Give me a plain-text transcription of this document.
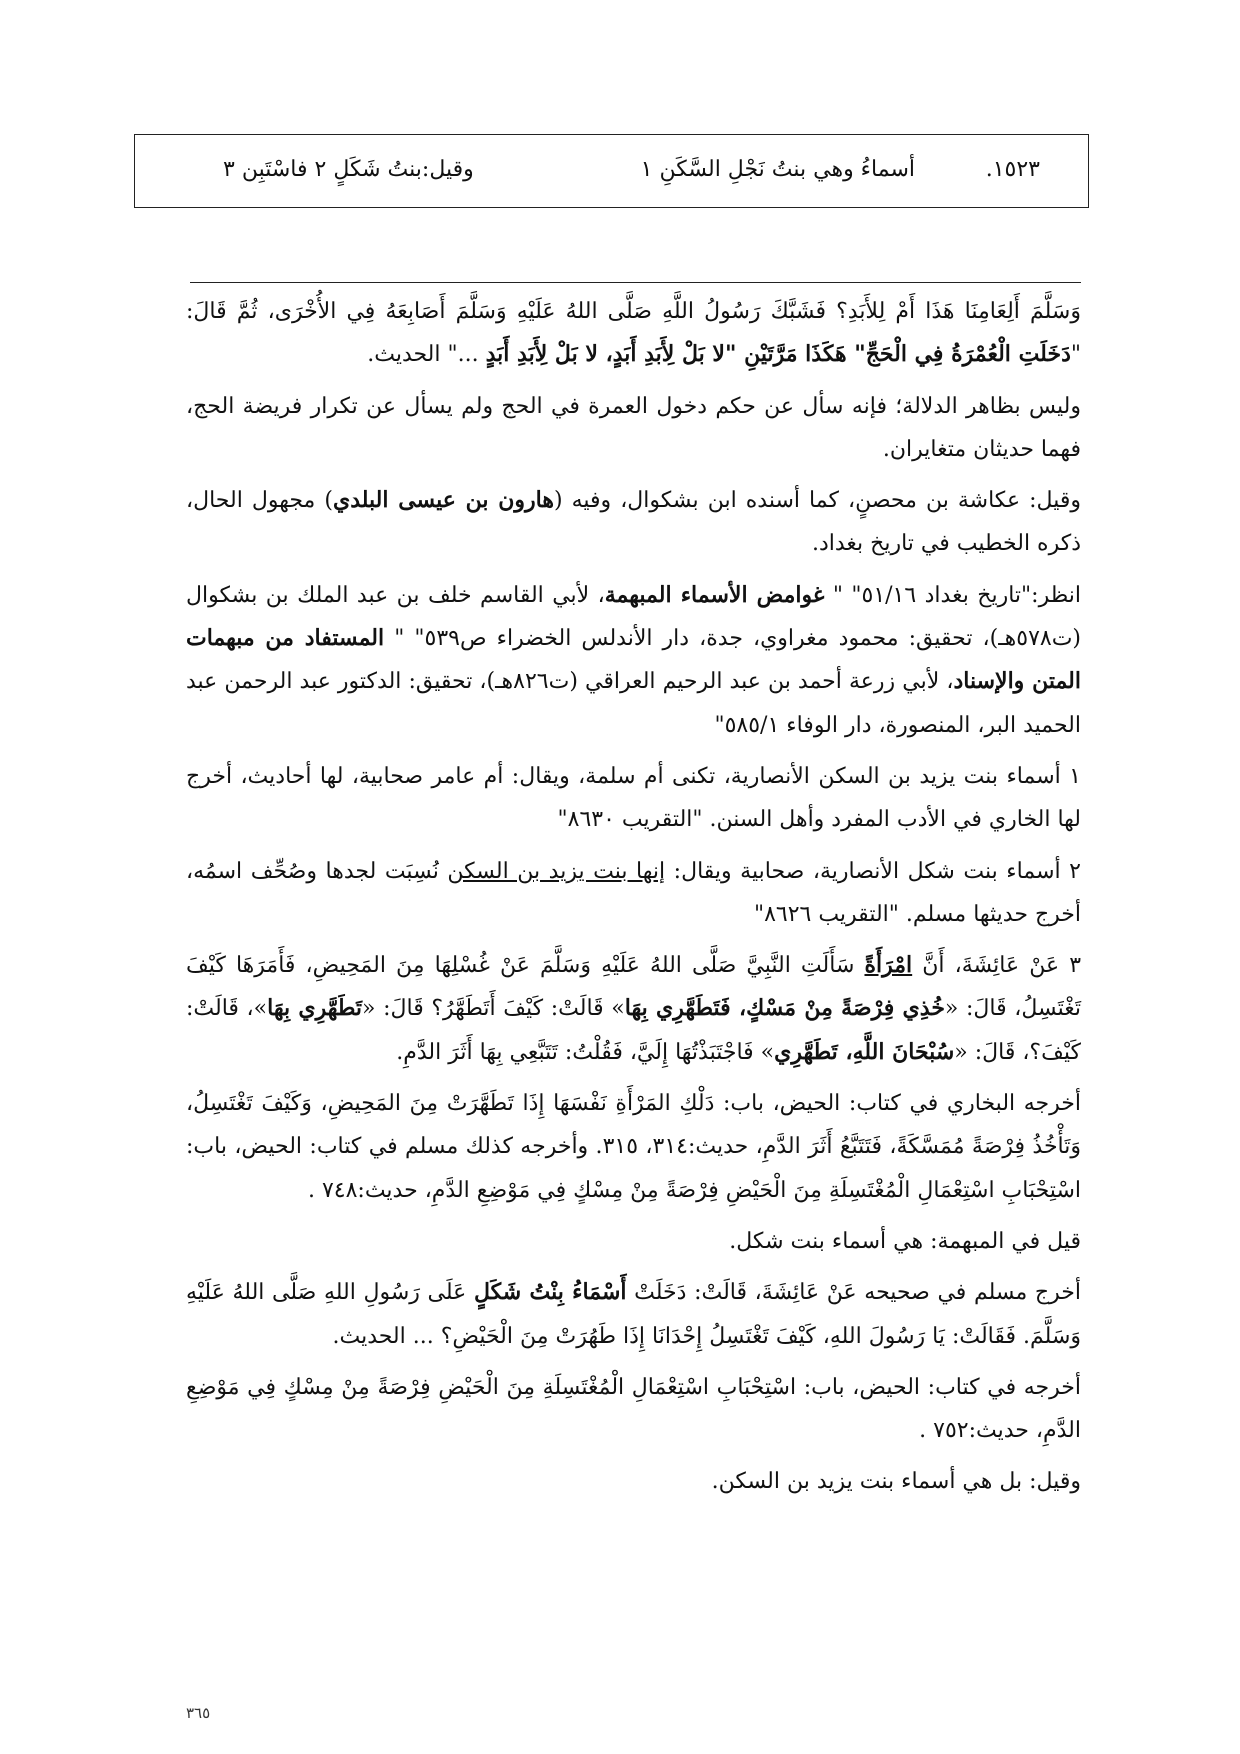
١٥٢٣.
أسماءُ وهي بنتُ نَجْلِ السَّكَنِ ١
وقيل:بنتُ شَكَلٍ ٢ فاسْتَبِن ٣

وَسَلَّمَ أَلِعَامِنَا هَذَا أَمْ لِلأَبَدِ؟ فَشَبَّكَ رَسُولُ اللَّهِ صَلَّى اللهُ عَلَيْهِ وَسَلَّمَ أَصَابِعَهُ فِي الأُخْرَى، ثُمَّ قَالَ: "دَخَلَتِ الْعُمْرَةُ فِي الْحَجِّ" هَكَذَا مَرَّتَيْنِ "لا بَلْ لِأَبَدِ أَبَدٍ، لا بَلْ لِأَبَدِ أَبَدٍ ..." الحديث.

وليس بظاهر الدلالة؛ فإنه سأل عن حكم دخول العمرة في الحج ولم يسأل عن تكرار فريضة الحج، فهما حديثان متغايران.

وقيل: عكاشة بن محصنٍ، كما أسنده ابن بشكوال، وفيه (هارون بن عيسى البلدي) مجهول الحال، ذكره الخطيب في تاريخ بغداد.

انظر:"تاريخ بغداد ٥١/١٦" " غوامض الأسماء المبهمة، لأبي القاسم خلف بن عبد الملك بن بشكوال (ت٥٧٨هـ)، تحقيق: محمود مغراوي، جدة، دار الأندلس الخضراء ص٥٣٩" " المستفاد من مبهمات المتن والإسناد، لأبي زرعة أحمد بن عبد الرحيم العراقي (ت٨٢٦هـ)، تحقيق: الدكتور عبد الرحمن عبد الحميد البر، المنصورة، دار الوفاء ٥٨٥/١"

١ أسماء بنت يزيد بن السكن الأنصارية، تكنى أم سلمة، ويقال: أم عامر صحابية، لها أحاديث، أخرج لها الخاري في الأدب المفرد وأهل السنن. "التقريب ٨٦٣٠"

٢ أسماء بنت شكل الأنصارية، صحابية ويقال: إنها بنت يزيد بن السكن نُسِبَت لجدها وصُحِّف اسمُه، أخرج حديثها مسلم. "التقريب ٨٦٢٦"

٣ عَنْ عَائِشَةَ، أَنَّ امْرَأَةً سَأَلَتِ النَّبِيَّ صَلَّى اللهُ عَلَيْهِ وَسَلَّمَ عَنْ غُسْلِهَا مِنَ المَحِيضِ، فَأَمَرَهَا كَيْفَ تَغْتَسِلُ، قَالَ: «خُذِي فِرْصَةً مِنْ مَسْكٍ، فَتَطَهَّرِي بِهَا» قَالَتْ: كَيْفَ أَتَطَهَّرُ؟ قَالَ: «تَطَهَّرِي بِهَا»، قَالَتْ: كَيْفَ؟، قَالَ: «سُبْحَانَ اللَّهِ، تَطَهَّرِي» فَاجْتَبَذْتُهَا إِلَيَّ، فَقُلْتُ: تَتَبَّعِي بِهَا أَثَرَ الدَّمِ.

أخرجه البخاري في كتاب: الحيض، باب: دَلْكِ المَرْأَةِ نَفْسَهَا إِذَا تَطَهَّرَتْ مِنَ المَحِيضِ، وَكَيْفَ تَغْتَسِلُ، وَتَأْخُذُ فِرْصَةً مُمَسَّكَةً، فَتَتَبَّعُ أَثَرَ الدَّمِ، حديث:٣١٤، ٣١٥. وأخرجه كذلك مسلم في كتاب: الحيض، باب: اسْتِحْبَابِ اسْتِعْمَالِ الْمُغْتَسِلَةِ مِنَ الْحَيْضِ فِرْصَةً مِنْ مِسْكٍ فِي مَوْضِعِ الدَّمِ، حديث:٧٤٨ .

قيل في المبهمة: هي أسماء بنت شكل.

أخرج مسلم في صحيحه عَنْ عَائِشَةَ، قَالَتْ: دَخَلَتْ أَسْمَاءُ بِنْتُ شَكَلٍ عَلَى رَسُولِ اللهِ صَلَّى اللهُ عَلَيْهِ وَسَلَّمَ. فَقَالَتْ: يَا رَسُولَ اللهِ، كَيْفَ تَغْتَسِلُ إِحْدَانَا إِذَا طَهُرَتْ مِنَ الْحَيْضِ؟ ... الحديث.

أخرجه في كتاب: الحيض، باب: اسْتِحْبَابِ اسْتِعْمَالِ الْمُغْتَسِلَةِ مِنَ الْحَيْضِ فِرْصَةً مِنْ مِسْكٍ فِي مَوْضِعِ الدَّمِ، حديث:٧٥٢ .

وقيل: بل هي أسماء بنت يزيد بن السكن.

٣٦٥
